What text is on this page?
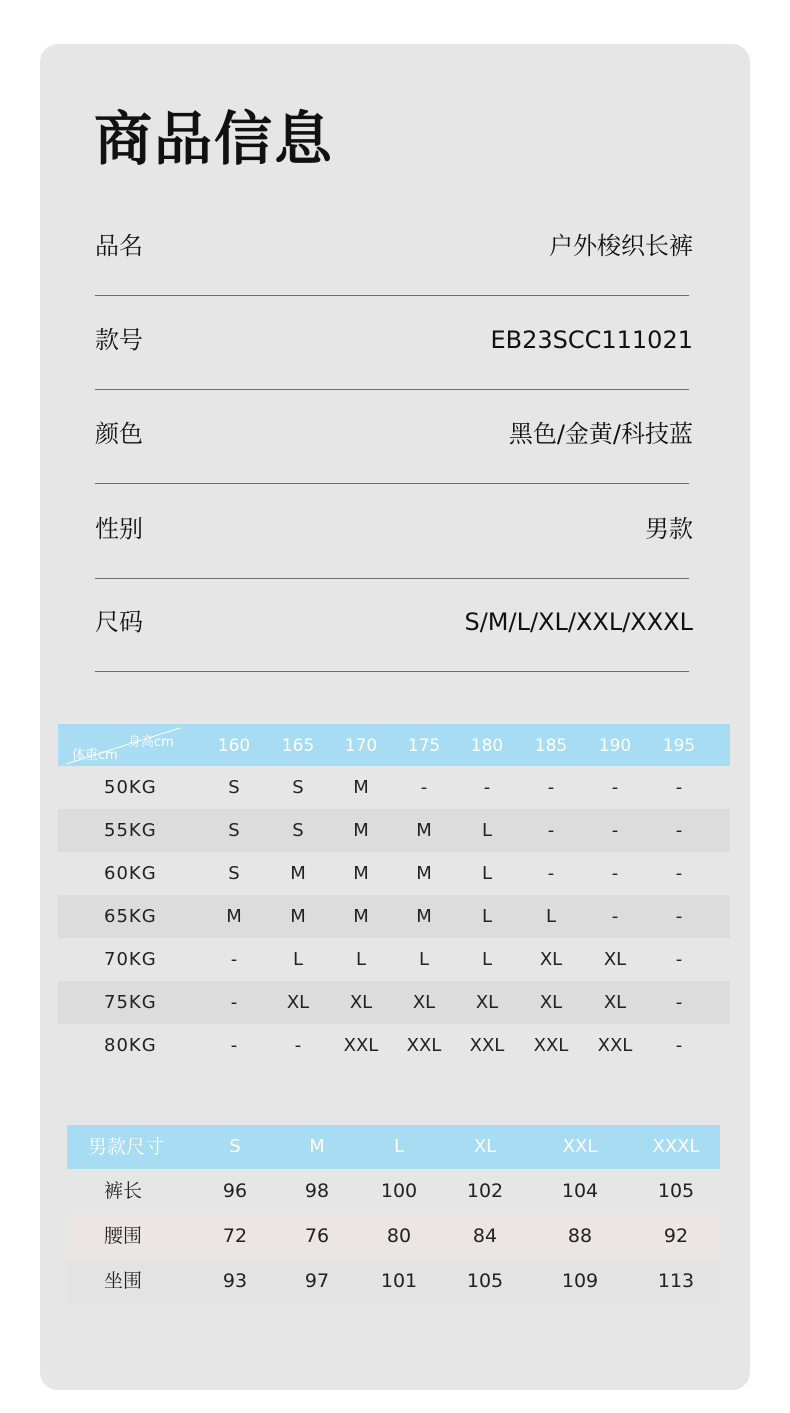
商品信息
品名	户外梭织长裤
款号	EB23SCC111021
颜色	黑色/金黄/科技蓝
性别	男款
尺码	S/M/L/XL/XXL/XXXL
身高cm
体重cm	160	165	170	175	180	185	190	195
50KG	S	S	M	-	-	-	-	-
55KG	S	S	M	M	L	-	-	-
60KG	S	M	M	M	L	-	-	-
65KG	M	M	M	M	L	L	-	-
70KG	-	L	L	L	L	XL	XL	-
75KG	-	XL	XL	XL	XL	XL	XL	-
80KG	-	-	XXL	XXL	XXL	XXL	XXL	-
男款尺寸	S	M	L	XL	XXL	XXXL
裤长	96	98	100	102	104	105
腰围	72	76	80	84	88	92
坐围	93	97	101	105	109	113
